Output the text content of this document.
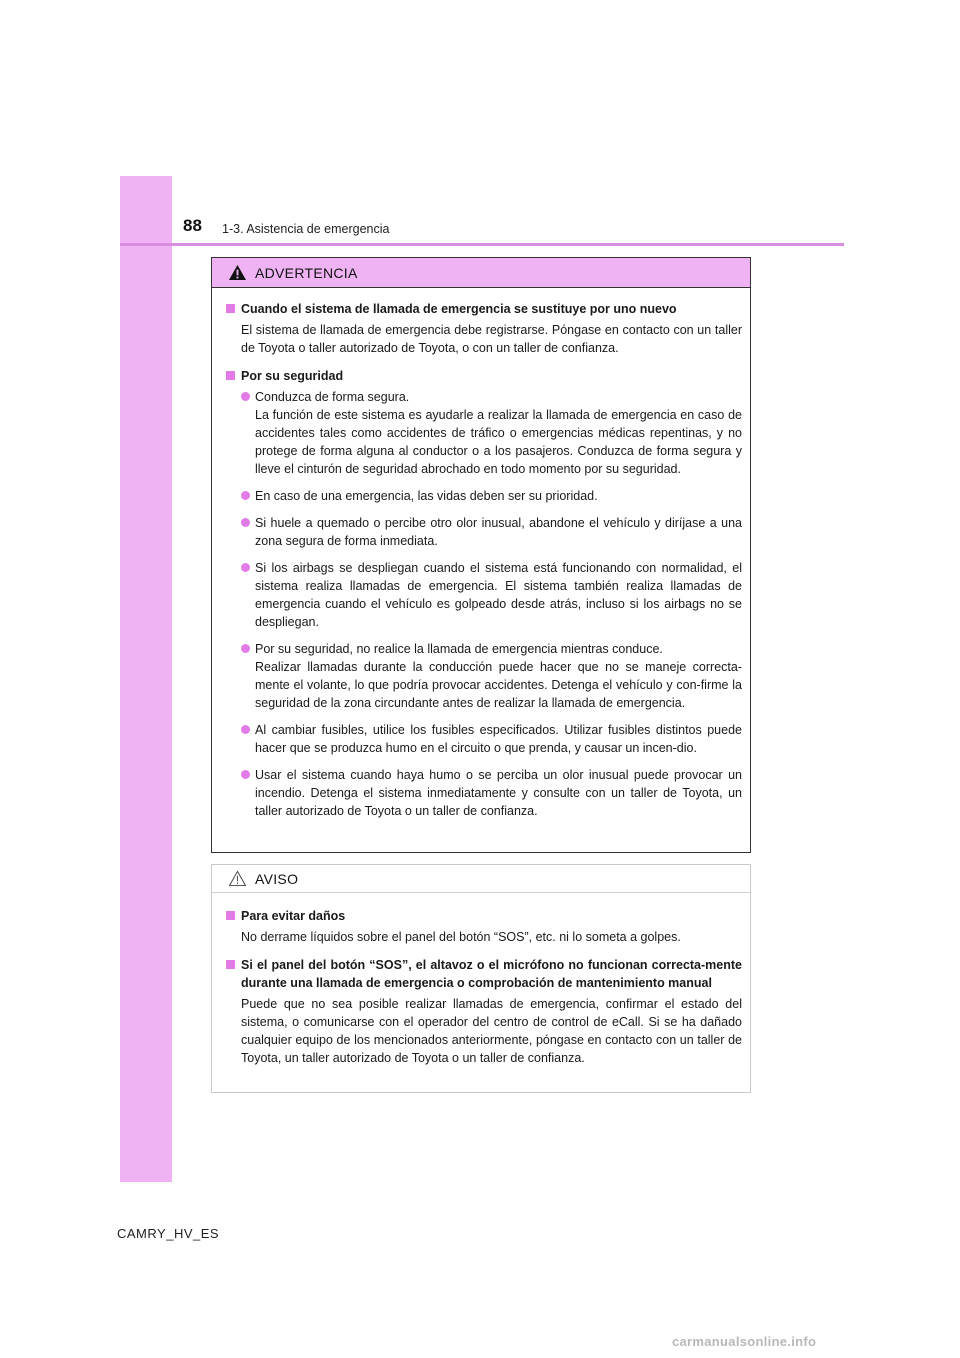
88 1-3. Asistencia de emergencia
ADVERTENCIA
Cuando el sistema de llamada de emergencia se sustituye por uno nuevo
El sistema de llamada de emergencia debe registrarse. Póngase en contacto con un taller de Toyota o taller autorizado de Toyota, o con un taller de confianza.
Por su seguridad
Conduzca de forma segura.
La función de este sistema es ayudarle a realizar la llamada de emergencia en caso de accidentes tales como accidentes de tráfico o emergencias médicas repentinas, y no protege de forma alguna al conductor o a los pasajeros. Conduzca de forma segura y lleve el cinturón de seguridad abrochado en todo momento por su seguridad.
En caso de una emergencia, las vidas deben ser su prioridad.
Si huele a quemado o percibe otro olor inusual, abandone el vehículo y diríjase a una zona segura de forma inmediata.
Si los airbags se despliegan cuando el sistema está funcionando con normalidad, el sistema realiza llamadas de emergencia. El sistema también realiza llamadas de emergencia cuando el vehículo es golpeado desde atrás, incluso si los airbags no se despliegan.
Por su seguridad, no realice la llamada de emergencia mientras conduce.
Realizar llamadas durante la conducción puede hacer que no se maneje correcta-mente el volante, lo que podría provocar accidentes. Detenga el vehículo y con-firme la seguridad de la zona circundante antes de realizar la llamada de emergencia.
Al cambiar fusibles, utilice los fusibles especificados. Utilizar fusibles distintos puede hacer que se produzca humo en el circuito o que prenda, y causar un incen-dio.
Usar el sistema cuando haya humo o se perciba un olor inusual puede provocar un incendio. Detenga el sistema inmediatamente y consulte con un taller de Toyota, un taller autorizado de Toyota o un taller de confianza.
AVISO
Para evitar daños
No derrame líquidos sobre el panel del botón “SOS”, etc. ni lo someta a golpes.
Si el panel del botón “SOS”, el altavoz o el micrófono no funcionan correcta-mente durante una llamada de emergencia o comprobación de mantenimiento manual
Puede que no sea posible realizar llamadas de emergencia, confirmar el estado del sistema, o comunicarse con el operador del centro de control de eCall. Si se ha dañado cualquier equipo de los mencionados anteriormente, póngase en contacto con un taller de Toyota, un taller autorizado de Toyota o un taller de confianza.
CAMRY_HV_ES
carmanualsonline.info
